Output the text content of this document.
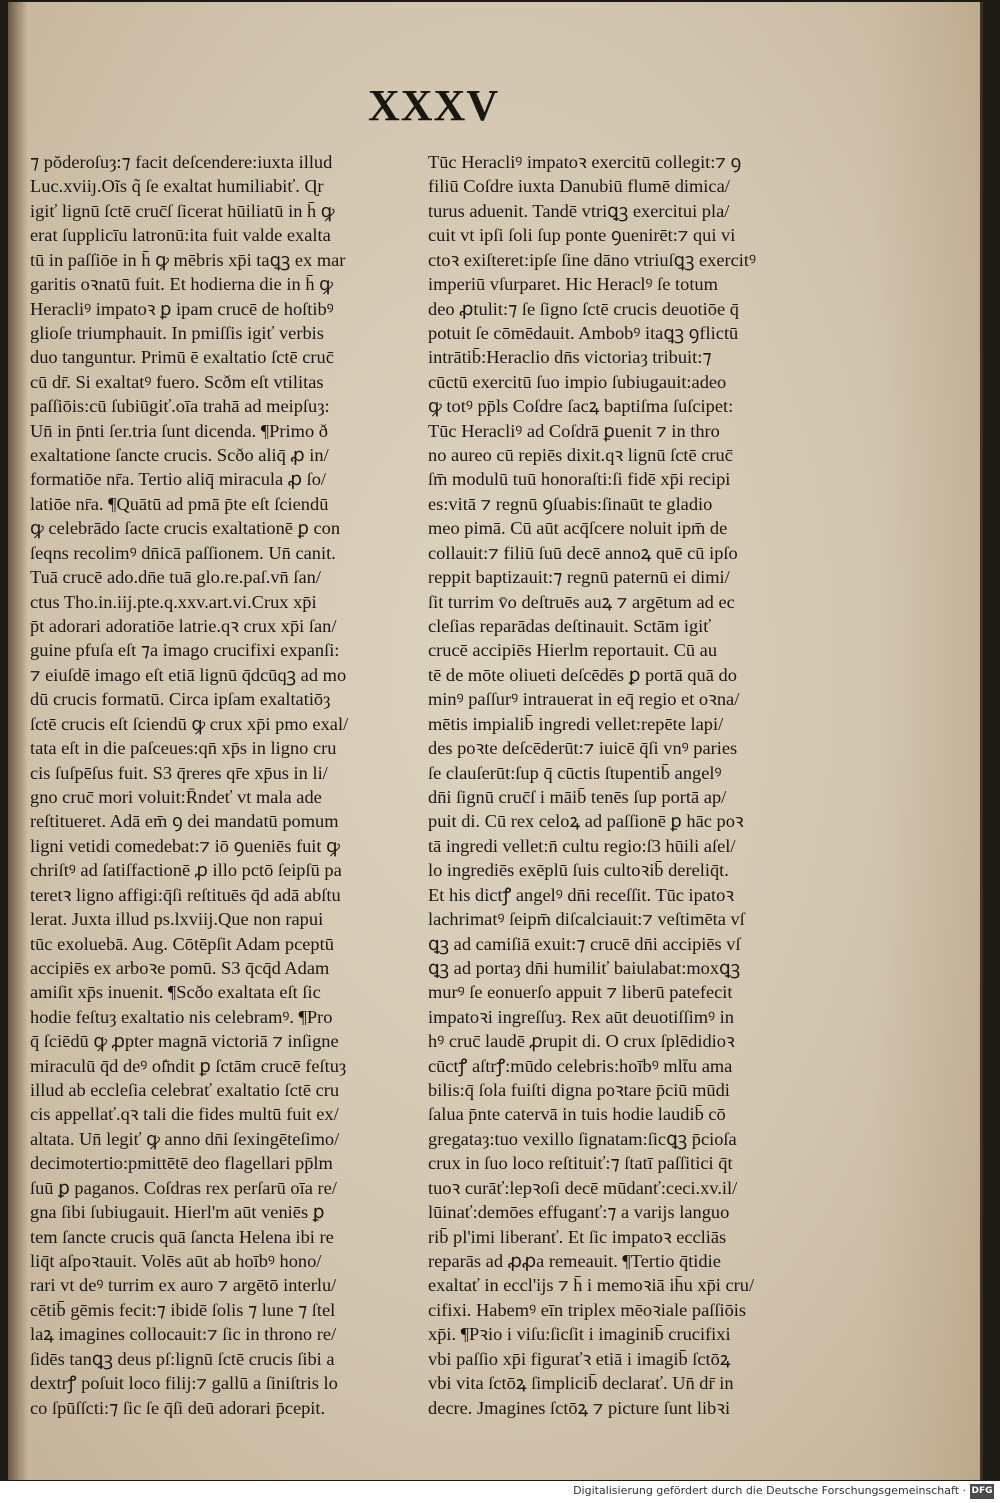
XXXV
⁊ pŏderoſuȝ:⁊ facit deſcendere:iuxta illud
Luc.xviiȷ.Oĩs q̃ ſe exaltat humiliabiť. Ɋr
igiť lignū ſctē cruc̄ſ ſicerat hūiliatū in h̄ ꝙ
erat ſupplicīu latronū:ita fuit valde exalta
tū in paſſiōe in h̄ ꝙ mēbris xp̄i taꝗꝫ ex mar
garitis oꝛnatū fuit. Et hodierna die in h̄ ꝙ
Heracliꝰ impatoꝛ ꝑ ipam crucē de hoſtibꝰ
glioſe triumphauit. In pmiſſis igiť verbis
duo tanguntur. Primū ē exaltatio ſctē cruc̄
cū dr̄. Si exaltatꝰ fuero. Scðm eſt vtilitas
paſſiōis:cū ſubiūgiť.oīa trahā ad meipſuȝ:
Un̄ in p̄nti ſer.tria ſunt dicenda. ¶Primo ð
exaltatione ſancte crucis. Scðo aliq̄ ꝓ in/
formatiōe nr̄a. Tertio aliq̄ miracula ꝓ ſo/
latiōe nr̄a. ¶Quātū ad pmā p̄te eſt ſciendū
ꝙ celebrādo ſacte crucis exaltationē ꝑ con
ſeqns recolimꝰ dn̄icā paſſionem. Un̄ canit.
Tuā crucē ado.dn̄e tuā glo.re.paſ.vn̄ ſan/
ctus Tho.in.iij.pte.q.xxv.art.vi.Crux xp̄i
p̄t adorari adoratiōe latrie.qꝛ crux xp̄i ſan/
guine pfuſa eſt ⁊a imago crucifixi expanſi:
⁊ eiuſdē imago eſt etiā lignū q̄dcūqꝫ ad mo
dū crucis formatū. Circa ipſam exaltatiōȝ
ſctē crucis eſt ſciendū ꝙ crux xp̄i pmo exal/
tata eſt in die paſceues:qn̄ xp̄s in ligno cru
cis ſuſpēſus fuit. S3 q̄reres qr̄e xp̄us in li/
gno cruc̄ mori voluit:R̄ndeť vt mala ade
reſtitueret. Adā em̄ ꝯ dei mandatū pomum
ligni vetidi comedebat:⁊ iō ꝯueniēs fuit ꝙ
chriſtꝰ ad ſatiſfactionē ꝓ illo pctō ſeipſū pa
teretꝛ ligno affigi:q̄ſi reſtituēs q̄d adā abſtu
lerat. Juxta illud ps.lxviij.Que non rapui
tūc exoluebā. Aug. Cōtēpſit Adam pceptū
accipiēs ex arboꝛe pomū. S3 q̄cq̄d Adam
amiſit xp̄s inuenit. ¶Scðo exaltata eſt ſic
hodie feſtuȝ exaltatio nis celebramꝰ. ¶Pro
q̄ ſciēdū ꝙ ꝓpter magnā victoriā ⁊ inſigne
miraculū q̄d deꝰ oſ̄ndit ꝑ ſctām crucē feſtuȝ
illud ab eccleſia celebrať exaltatio ſctē cru
cis appellať.qꝛ tali die fides multū fuit ex/
altata. Un̄ legiť ꝙ anno dn̄i ſexingēteſimo/
decimotertio:pmittētē deo flagellari pp̄lm
ſuū ꝑ paganos. Coſdras rex perſarū oīa re/
gna ſibi ſubiugauit. Hierl'm aūt veniēs ꝑ
tem ſancte crucis quā ſancta Helena ibi re
liq̄t aſpoꝛtauit. Volēs aūt ab hoībꝰ hono/
rari vt deꝰ turrim ex auro ⁊ argētō interlu/
cētib̄ gēmis fecit:⁊ ibidē ſolis ⁊ lune ⁊ ſtel
laꝝ imagines collocauit:⁊ ſic in throno re/
ſidēs tanꝗꝫ deus pſ:lignū ſctē crucis ſibi a
dextrꝭ poſuit loco filij:⁊ gallū a ſiniſtris lo
co ſpūſſcti:⁊ ſic ſe q̄ſi deū adorari p̄cepit.
Tūc Heracliꝰ impatoꝛ exercitū collegit:⁊ ꝯ
filiū Coſdre iuxta Danubiū flumē dimica/
turus aduenit. Tandē vtriꝗꝫ exercitui pla/
cuit vt ipſi ſoli ſup ponte ꝯuenirēt:⁊ qui vi
ctoꝛ exiſteret:ipſe ſine dāno vtriuſꝗꝫ exercitꝰ
imperiū vſurparet. Hic Heraclꝰ ſe totum
deo ꝓtulit:⁊ ſe ſigno ſctē crucis deuotiōe q̄
potuit ſe cōmēdauit. Ambobꝰ itaꝗꝫ ꝯflictū
intrātib̄:Heraclio dn̄s victoriaȝ tribuit:⁊
cūctū exercitū ſuo impio ſubiugauit:adeo
ꝙ totꝰ pp̄ls Coſdre ſacꝝ baptiſma ſuſcipet:
Tūc Heracliꝰ ad Coſdrā ꝑuenit ⁊ in thro
no aureo cū repiēs dixit.qꝛ lignū ſctē cruc̄
ſm̄ modulū tuū honoraſti:ſi fidē xp̄i recipi
es:vitā ⁊ regnū ꝯſuabis:ſinaūt te gladio
meo pimā. Cū aūt acq̄ſcere noluit ipm̄ de
collauit:⁊ filiū ſuū decē annoꝝ quē cū ipſo
reppit baptizauit:⁊ regnū paternū ei dimi/
ſit turrim v̄o deſtruēs auꝝ ⁊ argētum ad ec
cleſias reparādas deſtinauit. Sctām igiť
crucē accipiēs Hierlm reportauit. Cū au
tē de mōte oliueti deſcēdēs ꝑ portā quā do
minꝰ paſſurꝰ intrauerat in eq̄ regio et oꝛna/
mētis impialib̄ ingredi vellet:repēte lapi/
des poꝛte deſcēderūt:⁊ iuicē q̄ſi vnꝰ paries
ſe clauſerūt:ſup q̄ cūctis ſtupentib̄ angelꝰ
dn̄i ſignū cruc̄ſ i māib̄ tenēs ſup portā ap/
puit di. Cū rex celoꝝ ad paſſionē ꝑ hāc poꝛ
tā ingredi vellet:n̄ cultu regio:ſ3 hūili aſel/
lo ingrediēs exēplū ſuis cultoꝛib̄ dereliq̄t.
Et his dictꝭ angelꝰ dn̄i receſſit. Tūc ipatoꝛ
lachrimatꝰ ſeipm̄ diſcalciauit:⁊ veſtimēta vſ
ꝗꝫ ad camiſiā exuit:⁊ crucē dn̄i accipiēs vſ
ꝗꝫ ad portaȝ dn̄i humiliť baiulabat:moxꝗꝫ
murꝰ ſe eonuerſo appuit ⁊ liberū patefecit
impatoꝛi ingreſſuȝ. Rex aūt deuotiſſimꝰ in
hꝰ cruc̄ laudē ꝓrupit di. O crux ſplēdidioꝛ
cūctꝭ aſtrꝭ:mūdo celebris:hoībꝰ mlt̄u ama
bilis:q̄ ſola fuiſti digna poꝛtare p̄ciū mūdi
ſalua p̄nte catervā in tuis hodie laudib̄ cō
gregataȝ:tuo vexillo ſignatam:ſicꝗꝫ p̄cioſa
crux in ſuo loco reſtituiť:⁊ ſtatī paſſitici q̄t
tuoꝛ curāť:lepꝛoſi decē mūdanť:ceci.xv.il/
lūinať:demōes effuganť:⁊ a varijs languo
rib̄ pl'imi liberanť. Et ſic impatoꝛ eccliās
reparās ad ꝓꝓa remeauit. ¶Tertio q̄tidie
exaltať in eccl'ijs ⁊ h̄ i memoꝛiā ih̄u xp̄i cru/
cifixi. Habemꝰ eīn triplex mēoꝛiale paſſiōis
xp̄i. ¶Pꝛio i viſu:ſicſit i imaginib̄ crucifixi
vbi paſſio xp̄i figuraťꝛ etiā i imagib̄ ſctōꝝ
vbi vita ſctōꝝ ſimplicib̄ declarať. Un̄ dr̄ in
decre. Jmagines ſctōꝝ ⁊ picture ſunt libꝛi
Digitalisierung gefördert durch die Deutsche Forschungsgemeinschaft · DFG
